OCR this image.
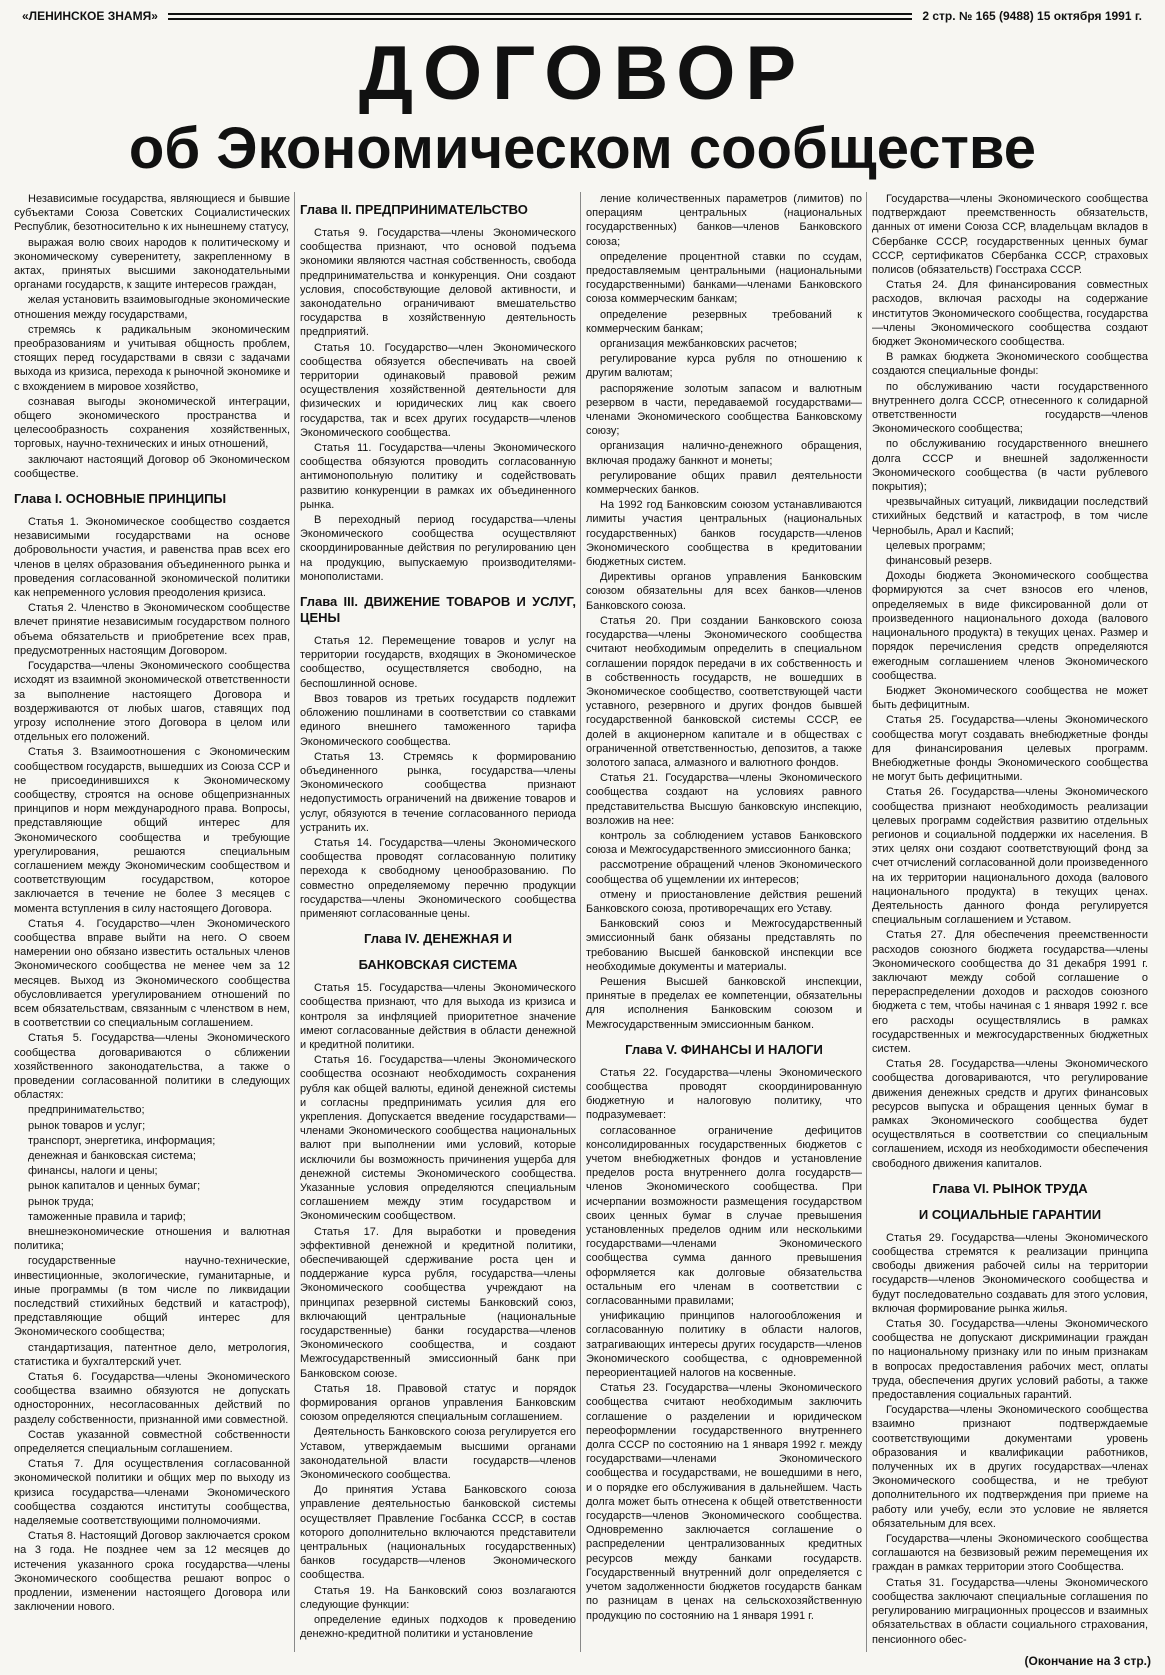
«ЛЕНИНСКОЕ ЗНАМЯ»	2 стр. № 165 (9488) 15 октября 1991 г.
ДОГОВОР
об Экономическом сообществе

Независимые государства, являющиеся и бывшие субъектами Союза Советских Социалистических Республик, безотносительно к их нынешнему статусу,

выражая волю своих народов к политическому и экономическому суверенитету, закрепленному в актах, принятых высшими законодательными органами государств, к защите интересов граждан,

желая установить взаимовыгодные экономические отношения между государствами,

стремясь к радикальным экономическим преобразованиям и учитывая общность проблем, стоящих перед государствами в связи с задачами выхода из кризиса, перехода к рыночной экономике и с вхождением в мировое хозяйство,

сознавая выгоды экономической интеграции, общего экономического пространства и целесообразность сохранения хозяйственных, торговых, научно-технических и иных отношений,

заключают настоящий Договор об Экономическом сообществе.

Глава I. ОСНОВНЫЕ ПРИНЦИПЫ

Статья 1. Экономическое сообщество создается независимыми государствами на основе добровольности участия, и равенства прав всех его членов в целях образования объединенного рынка и проведения согласованной экономической политики как непременного условия преодоления кризиса.

Статья 2. Членство в Экономическом сообществе влечет принятие независимым государством полного объема обязательств и приобретение всех прав, предусмотренных настоящим Договором.

Государства—члены Экономического сообщества исходят из взаимной экономической ответственности за выполнение настоящего Договора и воздерживаются от любых шагов, ставящих под угрозу исполнение этого Договора в целом или отдельных его положений.

Статья 3. Взаимоотношения с Экономическим сообществом государств, вышедших из Союза ССР и не присоединившихся к Экономическому сообществу, строятся на основе общепризнанных принципов и норм международного права. Вопросы, представляющие общий интерес для Экономического сообщества и требующие урегулирования, решаются специальным соглашением между Экономическим сообществом и соответствующим государством, которое заключается в течение не более 3 месяцев с момента вступления в силу настоящего Договора.

Статья 4. Государство—член Экономического сообщества вправе выйти на него. О своем намерении оно обязано известить остальных членов Экономического сообщества не менее чем за 12 месяцев. Выход из Экономического сообщества обусловливается урегулированием отношений по всем обязательствам, связанным с членством в нем, в соответствии со специальным соглашением.

Статья 5. Государства—члены Экономического сообщества договариваются о сближении хозяйственного законодательства, а также о проведении согласованной политики в следующих областях:

предпринимательство;

рынок товаров и услуг;

транспорт, энергетика, информация;

денежная и банковская система;

финансы, налоги и цены;

рынок капиталов и ценных бумаг;

рынок труда;

таможенные правила и тариф;

внешнеэкономические отношения и валютная политика;

государственные научно-технические, инвестиционные, экологические, гуманитарные, и иные программы (в том числе по ликвидации последствий стихийных бедствий и катастроф), представляющие общий интерес для Экономического сообщества;

стандартизация, патентное дело, метрология, статистика и бухгалтерский учет.

Статья 6. Государства—члены Экономического сообщества взаимно обязуются не допускать односторонних, несогласованных действий по разделу собственности, признанной ими совместной.

Состав указанной совместной собственности определяется специальным соглашением.

Статья 7. Для осуществления согласованной экономической политики и общих мер по выходу из кризиса государства—членами Экономического сообщества создаются институты сообщества, наделяемые соответствующими полномочиями.

Статья 8. Настоящий Договор заключается сроком на 3 года. Не позднее чем за 12 месяцев до истечения указанного срока государства—члены Экономического сообщества решают вопрос о продлении, изменении настоящего Договора или заключении нового.

Глава II. ПРЕДПРИНИМАТЕЛЬСТВО

Статья 9. Государства—члены Экономического сообщества признают, что основой подъема экономики являются частная собственность, свобода предпринимательства и конкуренция. Они создают условия, способствующие деловой активности, и законодательно ограничивают вмешательство государства в хозяйственную деятельность предприятий.

Статья 10. Государство—член Экономического сообщества обязуется обеспечивать на своей территории одинаковый правовой режим осуществления хозяйственной деятельности для физических и юридических лиц как своего государства, так и всех других государств—членов Экономического сообщества.

Статья 11. Государства—члены Экономического сообщества обязуются проводить согласованную антимонопольную политику и содействовать развитию конкуренции в рамках их объединенного рынка.

В переходный период государства—члены Экономического сообщества осуществляют скоординированные действия по регулированию цен на продукцию, выпускаемую производителями-монополистами.

Глава III. ДВИЖЕНИЕ ТОВАРОВ И УСЛУГ, ЦЕНЫ

Статья 12. Перемещение товаров и услуг на территории государств, входящих в Экономическое сообщество, осуществляется свободно, на беспошлинной основе.

Ввоз товаров из третьих государств подлежит обложению пошлинами в соответствии со ставками единого внешнего таможенного тарифа Экономического сообщества.

Статья 13. Стремясь к формированию объединенного рынка, государства—члены Экономического сообщества признают недопустимость ограничений на движение товаров и услуг, обязуются в течение согласованного периода устранить их.

Статья 14. Государства—члены Экономического сообщества проводят согласованную политику перехода к свободному ценообразованию. По совместно определяемому перечню продукции государства—члены Экономического сообщества применяют согласованные цены.

Глава IV. ДЕНЕЖНАЯ И
БАНКОВСКАЯ СИСТЕМА

Статья 15. Государства—члены Экономического сообщества признают, что для выхода из кризиса и контроля за инфляцией приоритетное значение имеют согласованные действия в области денежной и кредитной политики.

Статья 16. Государства—члены Экономического сообщества осознают необходимость сохранения рубля как общей валюты, единой денежной системы и согласны предпринимать усилия для его укрепления. Допускается введение государствами—членами Экономического сообщества национальных валют при выполнении ими условий, которые исключили бы возможность причинения ущерба для денежной системы Экономического сообщества. Указанные условия определяются специальным соглашением между этим государством и Экономическим сообществом.

Статья 17. Для выработки и проведения эффективной денежной и кредитной политики, обеспечивающей сдерживание роста цен и поддержание курса рубля, государства—члены Экономического сообщества учреждают на принципах резервной системы Банковский союз, включающий центральные (национальные государственные) банки государства—членов Экономического сообщества, и создают Межгосударственный эмиссионный банк при Банковском союзе.

Статья 18. Правовой статус и порядок формирования органов управления Банковским союзом определяются специальным соглашением.

Деятельность Банковского союза регулируется его Уставом, утверждаемым высшими органами законодательной власти государств—членов Экономического сообщества.

До принятия Устава Банковского союза управление деятельностью банковской системы осуществляет Правление Госбанка СССР, в состав которого дополнительно включаются представители центральных (национальных государственных) банков государств—членов Экономического сообщества.

Статья 19. На Банковский союз возлагаются следующие функции:

определение единых подходов к проведению денежно-кредитной политики и установление

ление количественных параметров (лимитов) по операциям центральных (национальных государственных) банков—членов Банковского союза;

определение процентной ставки по ссудам, предоставляемым центральными (национальными государственными) банками—членами Банковского союза коммерческим банкам;

определение резервных требований к коммерческим банкам;

организация межбанковских расчетов;

регулирование курса рубля по отношению к другим валютам;

распоряжение золотым запасом и валютным резервом в части, передаваемой государствами—членами Экономического сообщества Банковскому союзу;

организация налично-денежного обращения, включая продажу банкнот и монеты;

регулирование общих правил деятельности коммерческих банков.

На 1992 год Банковским союзом устанавливаются лимиты участия центральных (национальных государственных) банков государств—членов Экономического сообщества в кредитовании бюджетных систем.

Директивы органов управления Банковским союзом обязательны для всех банков—членов Банковского союза.

Статья 20. При создании Банковского союза государства—члены Экономического сообщества считают необходимым определить в специальном соглашении порядок передачи в их собственность и в собственность государств, не вошедших в Экономическое сообщество, соответствующей части уставного, резервного и других фондов бывшей государственной банковской системы СССР, ее долей в акционерном капитале и в обществах с ограниченной ответственностью, депозитов, а также золотого запаса, алмазного и валютного фондов.

Статья 21. Государства—члены Экономического сообщества создают на условиях равного представительства Высшую банковскую инспекцию, возложив на нее:

контроль за соблюдением уставов Банковского союза и Межгосударственного эмиссионного банка;

рассмотрение обращений членов Экономического сообщества об ущемлении их интересов;

отмену и приостановление действия решений Банковского союза, противоречащих его Уставу.

Банковский союз и Межгосударственный эмиссионный банк обязаны представлять по требованию Высшей банковской инспекции все необходимые документы и материалы.

Решения Высшей банковской инспекции, принятые в пределах ее компетенции, обязательны для исполнения Банковским союзом и Межгосударственным эмиссионным банком.

Глава V. ФИНАНСЫ И НАЛОГИ

Статья 22. Государства—члены Экономического сообщества проводят скоординированную бюджетную и налоговую политику, что подразумевает:

согласованное ограничение дефицитов консолидированных государственных бюджетов с учетом внебюджетных фондов и установление пределов роста внутреннего долга государств—членов Экономического сообщества. При исчерпании возможности размещения государством своих ценных бумаг в случае превышения установленных пределов одним или несколькими государствами—членами Экономического сообщества сумма данного превышения оформляется как долговые обязательства остальным его членам в соответствии с согласованными правилами;

унификацию принципов налогообложения и согласованную политику в области налогов, затрагивающих интересы других государств—членов Экономического сообщества, с одновременной переориентацией налогов на косвенные.

Статья 23. Государства—члены Экономического сообщества считают необходимым заключить соглашение о разделении и юридическом переоформлении государственного внутреннего долга СССР по состоянию на 1 января 1992 г. между государствами—членами Экономического сообщества и государствами, не вошедшими в него, и о порядке его обслуживания в дальнейшем. Часть долга может быть отнесена к общей ответственности государств—членов Экономического сообщества. Одновременно заключается соглашение о распределении централизованных кредитных ресурсов между банками государств. Государственный внутренний долг определяется с учетом задолженности бюджетов государств банкам по разницам в ценах на сельскохозяйственную продукцию по состоянию на 1 января 1991 г.

Государства—члены Экономического сообщества подтверждают преемственность обязательств, данных от имени Союза ССР, владельцам вкладов в Сбербанке СССР, государственных ценных бумаг СССР, сертификатов Сбербанка СССР, страховых полисов (обязательств) Госстраха СССР.

Статья 24. Для финансирования совместных расходов, включая расходы на содержание институтов Экономического сообщества, государства—члены Экономического сообщества создают бюджет Экономического сообщества.

В рамках бюджета Экономического сообщества создаются специальные фонды:

по обслуживанию части государственного внутреннего долга СССР, отнесенного к солидарной ответственности государств—членов Экономического сообщества;

по обслуживанию государственного внешнего долга СССР и внешней задолженности Экономического сообщества (в части рублевого покрытия);

чрезвычайных ситуаций, ликвидации последствий стихийных бедствий и катастроф, в том числе Чернобыль, Арал и Каспий;

целевых программ;

финансовый резерв.

Доходы бюджета Экономического сообщества формируются за счет взносов его членов, определяемых в виде фиксированной доли от произведенного национального дохода (валового национального продукта) в текущих ценах. Размер и порядок перечисления средств определяются ежегодным соглашением членов Экономического сообщества.

Бюджет Экономического сообщества не может быть дефицитным.

Статья 25. Государства—члены Экономического сообщества могут создавать внебюджетные фонды для финансирования целевых программ. Внебюджетные фонды Экономического сообщества не могут быть дефицитными.

Статья 26. Государства—члены Экономического сообщества признают необходимость реализации целевых программ содействия развитию отдельных регионов и социальной поддержки их населения. В этих целях они создают соответствующий фонд за счет отчислений согласованной доли произведенного на их территории национального дохода (валового национального продукта) в текущих ценах. Деятельность данного фонда регулируется специальным соглашением и Уставом.

Статья 27. Для обеспечения преемственности расходов союзного бюджета государства—члены Экономического сообщества до 31 декабря 1991 г. заключают между собой соглашение о перераспределении доходов и расходов союзного бюджета с тем, чтобы начиная с 1 января 1992 г. все его расходы осуществлялись в рамках государственных и межгосударственных бюджетных систем.

Статья 28. Государства—члены Экономического сообщества договариваются, что регулирование движения денежных средств и других финансовых ресурсов выпуска и обращения ценных бумаг в рамках Экономического сообщества будет осуществляться в соответствии со специальным соглашением, исходя из необходимости обеспечения свободного движения капиталов.

Глава VI. РЫНОК ТРУДА
И СОЦИАЛЬНЫЕ ГАРАНТИИ

Статья 29. Государства—члены Экономического сообщества стремятся к реализации принципа свободы движения рабочей силы на территории государств—членов Экономического сообщества и будут последовательно создавать для этого условия, включая формирование рынка жилья.

Статья 30. Государства—члены Экономического сообщества не допускают дискриминации граждан по национальному признаку или по иным признакам в вопросах предоставления рабочих мест, оплаты труда, обеспечения других условий работы, а также предоставления социальных гарантий.

Государства—члены Экономического сообщества взаимно признают подтверждаемые соответствующими документами уровень образования и квалификации работников, полученных их в других государствах—членах Экономического сообщества, и не требуют дополнительного их подтверждения при приеме на работу или учебу, если это условие не является обязательным для всех.

Государства—члены Экономического сообщества соглашаются на безвизовый режим перемещения их граждан в рамках территории этого Сообщества.

Статья 31. Государства—члены Экономического сообщества заключают специальные соглашения по регулированию миграционных процессов и взаимных обязательствах в области социального страхования, пенсионного обес-

(Окончание на 3 стр.)
